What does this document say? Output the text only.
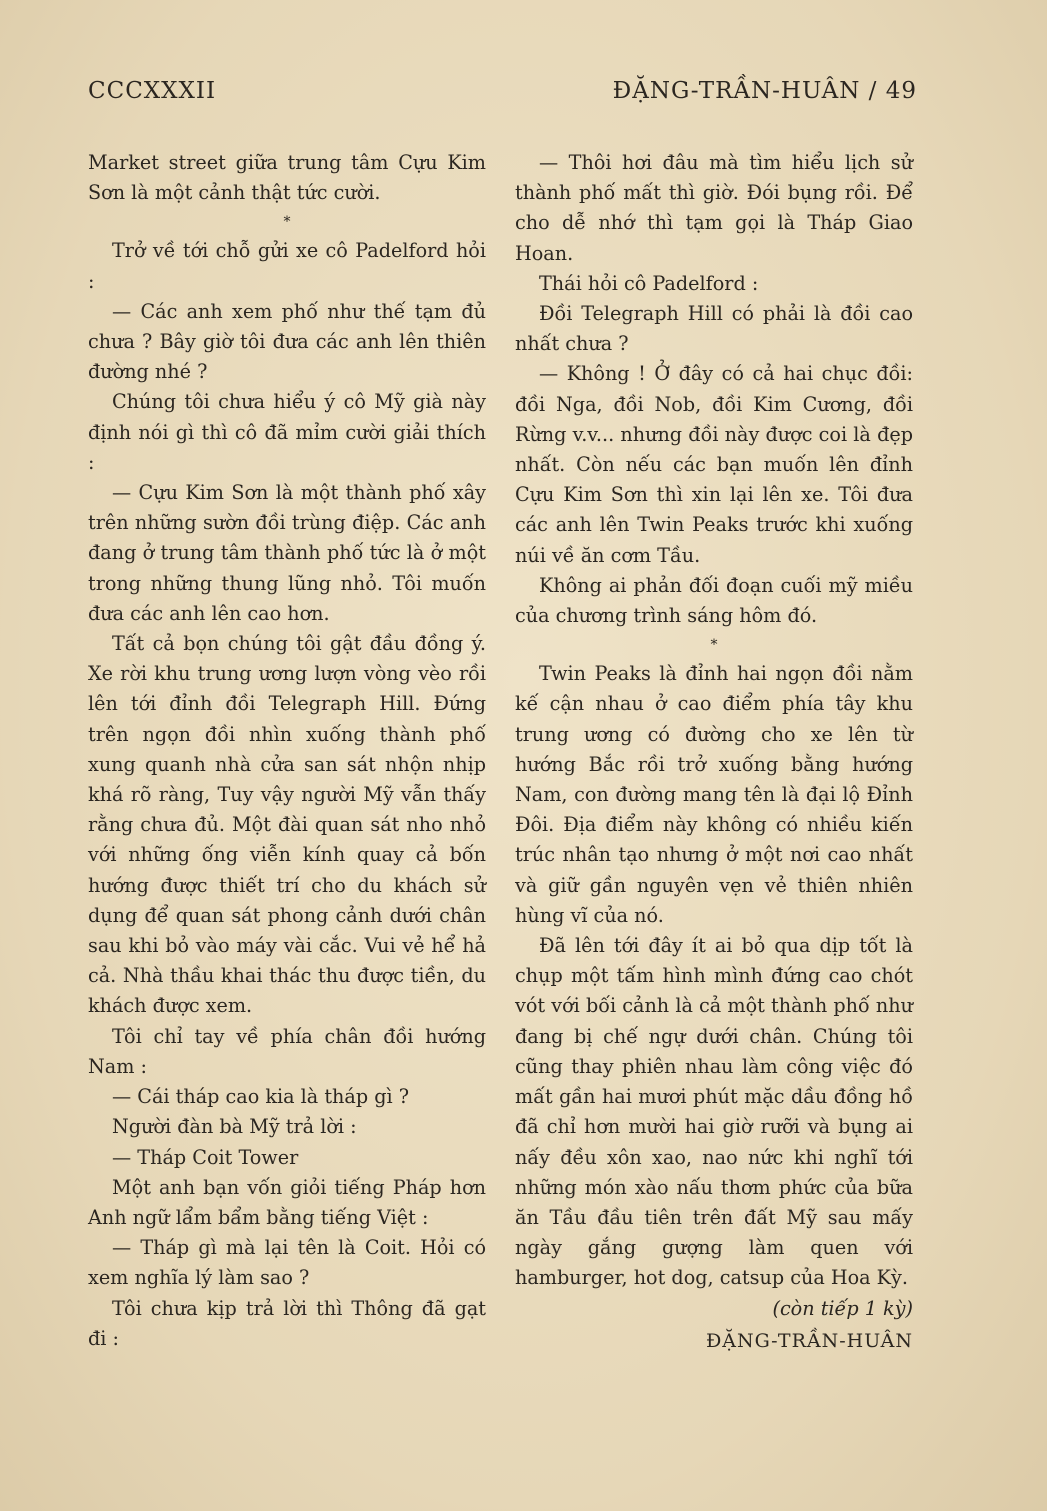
CCCXXXII	ĐẶNG-TRẦN-HUÂN / 49

Market street giữa trung tâm Cựu Kim Sơn là một cảnh thật tức cười.

*

Trở về tới chỗ gửi xe cô Padelford hỏi :

— Các anh xem phố như thế tạm đủ chưa ? Bây giờ tôi đưa các anh lên thiên đường nhé ?

Chúng tôi chưa hiểu ý cô Mỹ già này định nói gì thì cô đã mỉm cười giải thích :

— Cựu Kim Sơn là một thành phố xây trên những sườn đồi trùng điệp. Các anh đang ở trung tâm thành phố tức là ở một trong những thung lũng nhỏ. Tôi muốn đưa các anh lên cao hơn.

Tất cả bọn chúng tôi gật đầu đồng ý. Xe rời khu trung ương lượn vòng vèo rồi lên tới đỉnh đồi Telegraph Hill. Đứng trên ngọn đồi nhìn xuống thành phố xung quanh nhà cửa san sát nhộn nhịp khá rõ ràng, Tuy vậy người Mỹ vẫn thấy rằng chưa đủ. Một đài quan sát nho nhỏ với những ống viễn kính quay cả bốn hướng được thiết trí cho du khách sử dụng để quan sát phong cảnh dưới chân sau khi bỏ vào máy vài cắc. Vui vẻ hể hả cả. Nhà thầu khai thác thu được tiền, du khách được xem.

Tôi chỉ tay về phía chân đồi hướng Nam :

— Cái tháp cao kia là tháp gì ?

Người đàn bà Mỹ trả lời :

— Tháp Coit Tower

Một anh bạn vốn giỏi tiếng Pháp hơn Anh ngữ lẩm bẩm bằng tiếng Việt :

— Tháp gì mà lại tên là Coit. Hỏi có xem nghĩa lý làm sao ?

Tôi chưa kịp trả lời thì Thông đã gạt đi :

— Thôi hơi đâu mà tìm hiểu lịch sử thành phố mất thì giờ. Đói bụng rồi. Để cho dễ nhớ thì tạm gọi là Tháp Giao Hoan.

Thái hỏi cô Padelford :

Đồi Telegraph Hill có phải là đồi cao nhất chưa ?

— Không ! Ở đây có cả hai chục đồi: đồi Nga, đồi Nob, đồi Kim Cương, đồi Rừng v.v... nhưng đồi này được coi là đẹp nhất. Còn nếu các bạn muốn lên đỉnh Cựu Kim Sơn thì xin lại lên xe. Tôi đưa các anh lên Twin Peaks trước khi xuống núi về ăn cơm Tầu.

Không ai phản đối đoạn cuối mỹ miều của chương trình sáng hôm đó.

*

Twin Peaks là đỉnh hai ngọn đồi nằm kế cận nhau ở cao điểm phía tây khu trung ương có đường cho xe lên từ hướng Bắc rồi trở xuống bằng hướng Nam, con đường mang tên là đại lộ Đỉnh Đôi. Địa điểm này không có nhiều kiến trúc nhân tạo nhưng ở một nơi cao nhất và giữ gần nguyên vẹn vẻ thiên nhiên hùng vĩ của nó.

Đã lên tới đây ít ai bỏ qua dịp tốt là chụp một tấm hình mình đứng cao chót vót với bối cảnh là cả một thành phố như đang bị chế ngự dưới chân. Chúng tôi cũng thay phiên nhau làm công việc đó mất gần hai mươi phút mặc dầu đồng hồ đã chỉ hơn mười hai giờ rưỡi và bụng ai nấy đều xôn xao, nao nức khi nghĩ tới những món xào nấu thơm phức của bữa ăn Tầu đầu tiên trên đất Mỹ sau mấy ngày gắng gượng làm quen với hamburger, hot dog, catsup của Hoa Kỳ.

(còn tiếp 1 kỳ)

ĐẶNG-TRẦN-HUÂN
